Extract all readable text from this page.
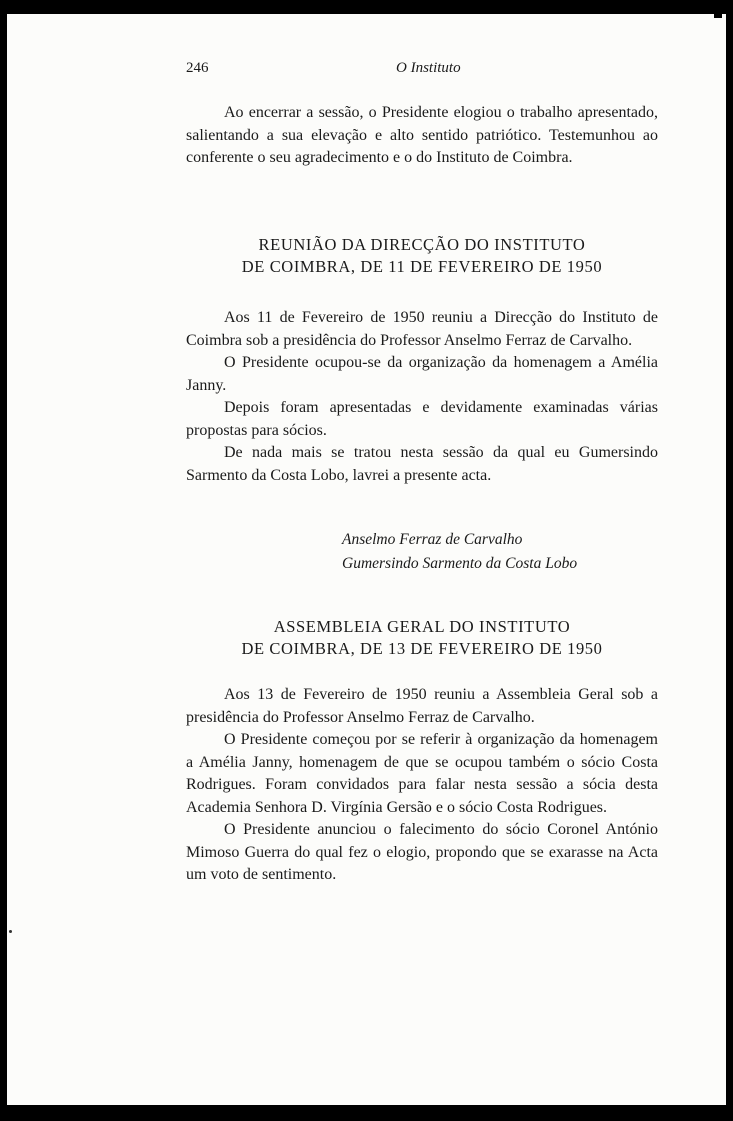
246	O Instituto

Ao encerrar a sessão, o Presidente elogiou o trabalho apresentado, salientando a sua elevação e alto sentido patriótico. Testemunhou ao conferente o seu agradecimento e o do Instituto de Coimbra.

REUNIÃO DA DIRECÇÃO DO INSTITUTO
DE COIMBRA, DE 11 DE FEVEREIRO DE 1950

Aos 11 de Fevereiro de 1950 reuniu a Direcção do Instituto de Coimbra sob a presidência do Professor Anselmo Ferraz de Carvalho.

O Presidente ocupou-se da organização da homenagem a Amélia Janny.

Depois foram apresentadas e devidamente examinadas várias propostas para sócios.

De nada mais se tratou nesta sessão da qual eu Gumersindo Sarmento da Costa Lobo, lavrei a presente acta.

Anselmo Ferraz de Carvalho
Gumersindo Sarmento da Costa Lobo
ASSEMBLEIA GERAL DO INSTITUTO
DE COIMBRA, DE 13 DE FEVEREIRO DE 1950

Aos 13 de Fevereiro de 1950 reuniu a Assembleia Geral sob a presidência do Professor Anselmo Ferraz de Carvalho.

O Presidente começou por se referir à organização da homenagem a Amélia Janny, homenagem de que se ocupou também o sócio Costa Rodrigues. Foram convidados para falar nesta sessão a sócia desta Academia Senhora D. Virgínia Gersão e o sócio Costa Rodrigues.

O Presidente anunciou o falecimento do sócio Coronel António Mimoso Guerra do qual fez o elogio, propondo que se exarasse na Acta um voto de sentimento.
